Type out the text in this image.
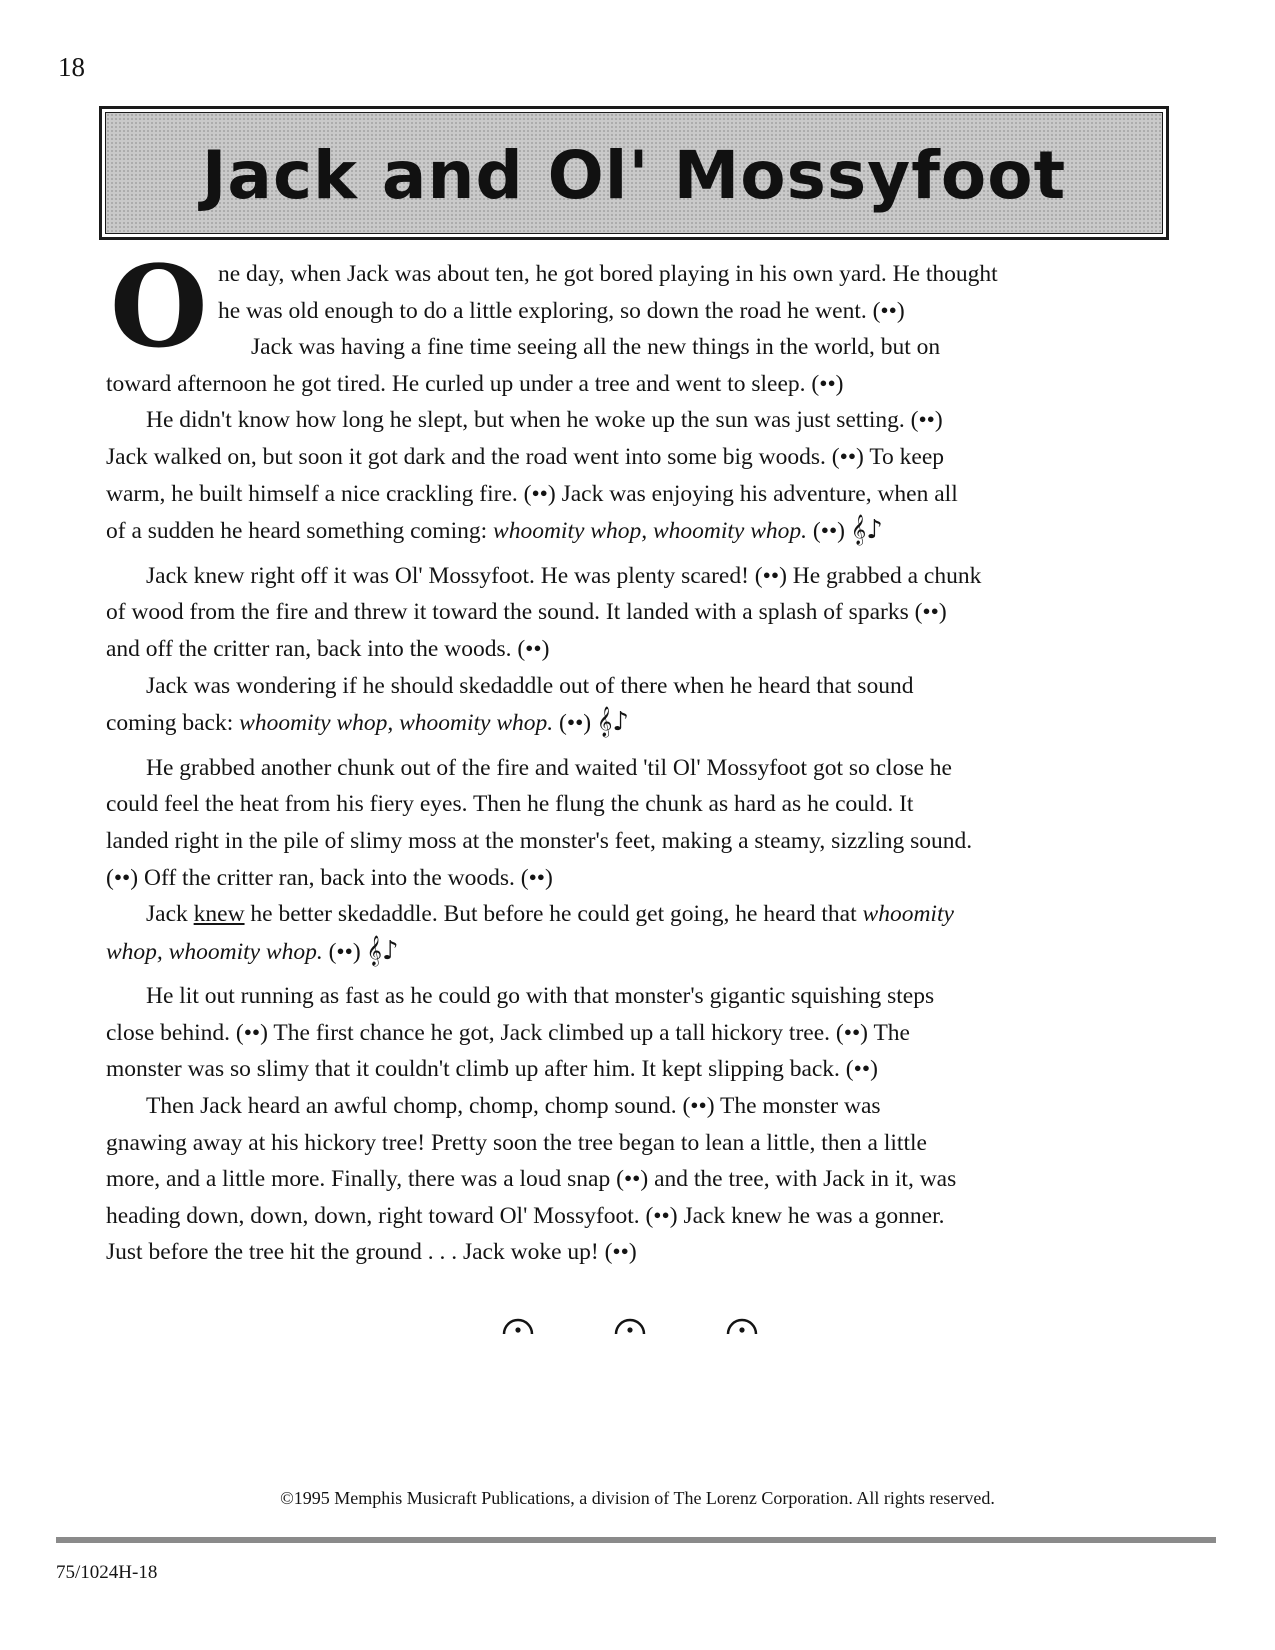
18
Jack and Ol' Mossyfoot
O ne day, when Jack was about ten, he got bored playing in his own yard. He thought
he was old enough to do a little exploring, so down the road he went. (••)
Jack was having a fine time seeing all the new things in the world, but on
toward afternoon he got tired. He curled up under a tree and went to sleep. (••)
He didn't know how long he slept, but when he woke up the sun was just setting. (••)
Jack walked on, but soon it got dark and the road went into some big woods. (••) To keep
warm, he built himself a nice crackling fire. (••) Jack was enjoying his adventure, when all
of a sudden he heard something coming: whoomity whop, whoomity whop. (••) 𝄞♪
Jack knew right off it was Ol' Mossyfoot. He was plenty scared! (••) He grabbed a chunk
of wood from the fire and threw it toward the sound. It landed with a splash of sparks (••)
and off the critter ran, back into the woods. (••)
Jack was wondering if he should skedaddle out of there when he heard that sound
coming back: whoomity whop, whoomity whop. (••) 𝄞♪
He grabbed another chunk out of the fire and waited 'til Ol' Mossyfoot got so close he
could feel the heat from his fiery eyes. Then he flung the chunk as hard as he could. It
landed right in the pile of slimy moss at the monster's feet, making a steamy, sizzling sound.
(••) Off the critter ran, back into the woods. (••)
Jack knew he better skedaddle. But before he could get going, he heard that whoomity
whop, whoomity whop. (••) 𝄞♪
He lit out running as fast as he could go with that monster's gigantic squishing steps
close behind. (••) The first chance he got, Jack climbed up a tall hickory tree. (••) The
monster was so slimy that it couldn't climb up after him. It kept slipping back. (••)
Then Jack heard an awful chomp, chomp, chomp sound. (••) The monster was
gnawing away at his hickory tree! Pretty soon the tree began to lean a little, then a little
more, and a little more. Finally, there was a loud snap (••) and the tree, with Jack in it, was
heading down, down, down, right toward Ol' Mossyfoot. (••) Jack knew he was a gonner.
Just before the tree hit the ground . . . Jack woke up! (••)
©1995 Memphis Musicraft Publications, a division of The Lorenz Corporation. All rights reserved.
75/1024H-18
